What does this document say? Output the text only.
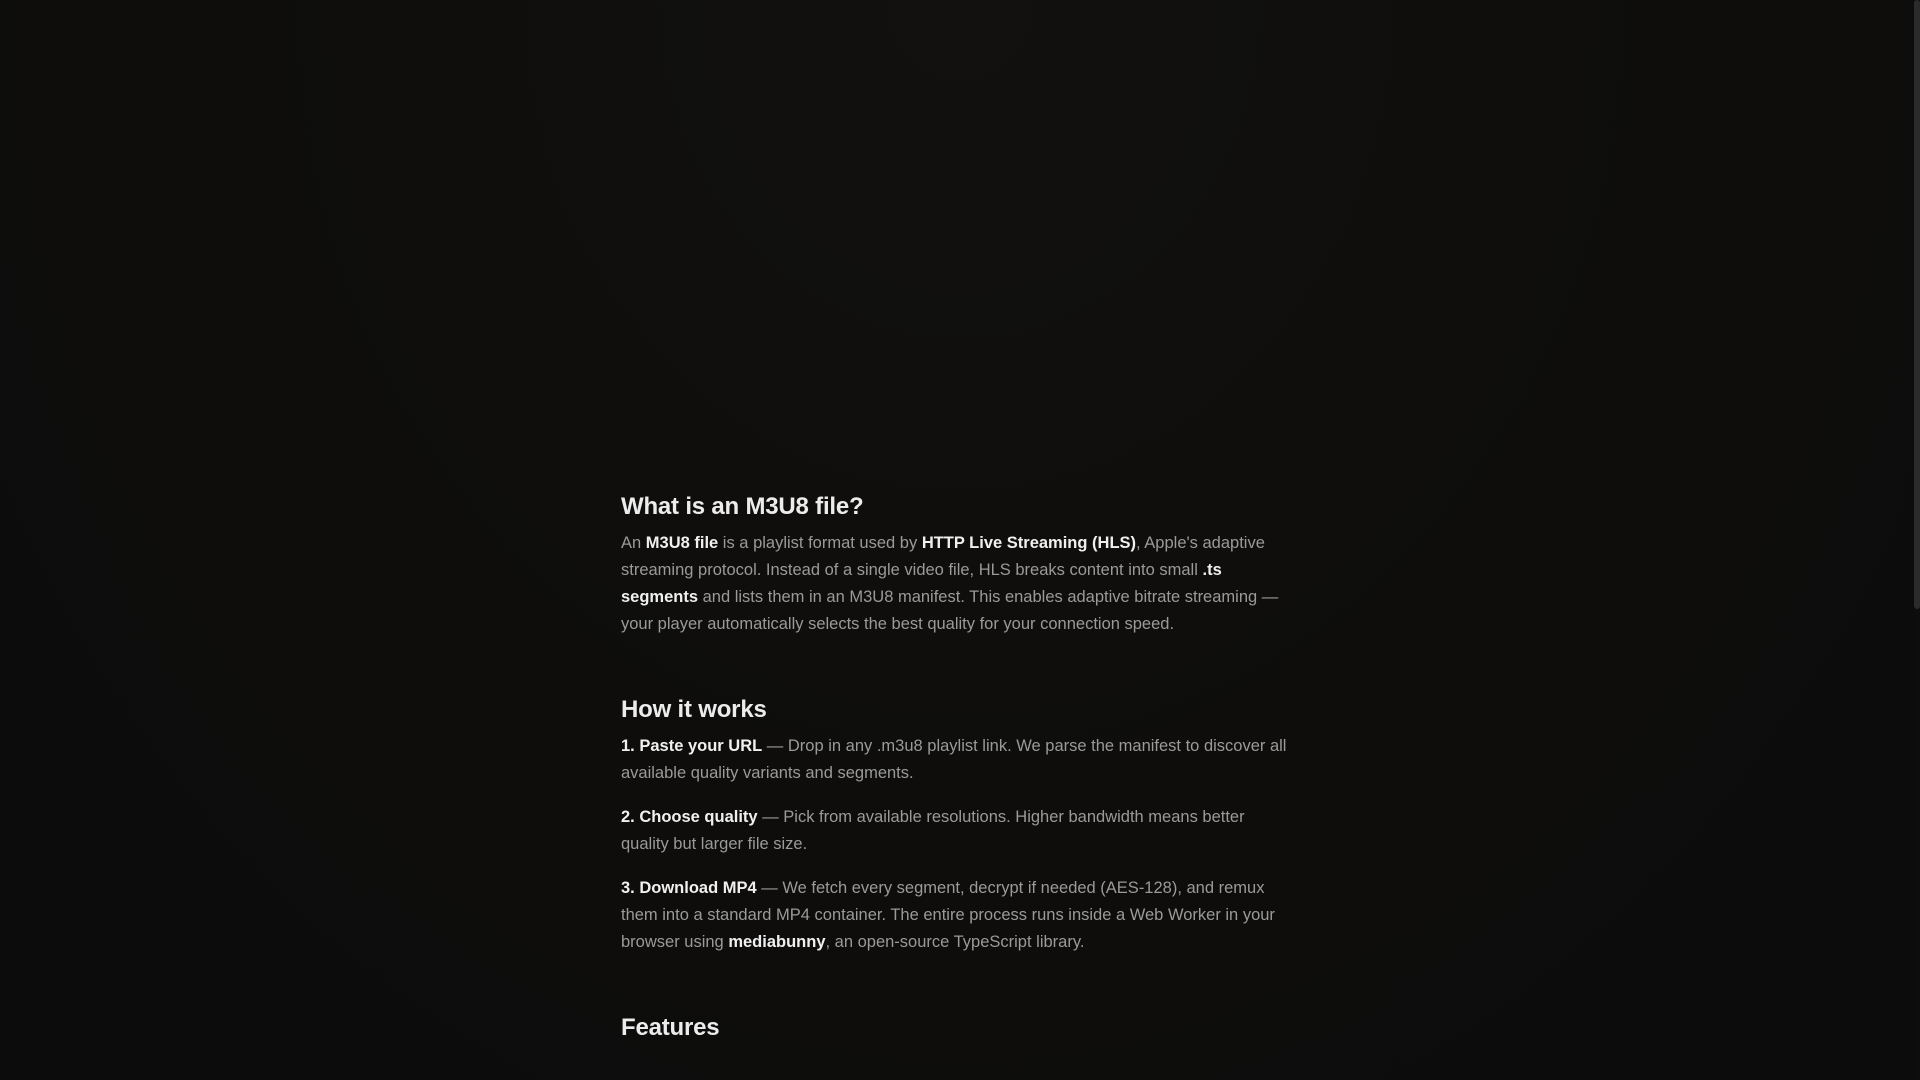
What is an M3U8 file?

An M3U8 file is a playlist format used by HTTP Live Streaming (HLS), Apple's adaptive streaming protocol. Instead of a single video file, HLS breaks content into small .ts segments and lists them in an M3U8 manifest. This enables adaptive bitrate streaming — your player automatically selects the best quality for your connection speed.

How it works

1. Paste your URL — Drop in any .m3u8 playlist link. We parse the manifest to discover all available quality variants and segments.

2. Choose quality — Pick from available resolutions. Higher bandwidth means better quality but larger file size.

3. Download MP4 — We fetch every segment, decrypt if needed (AES-128), and remux them into a standard MP4 container. The entire process runs inside a Web Worker in your browser using mediabunny, an open-source TypeScript library.

Features
